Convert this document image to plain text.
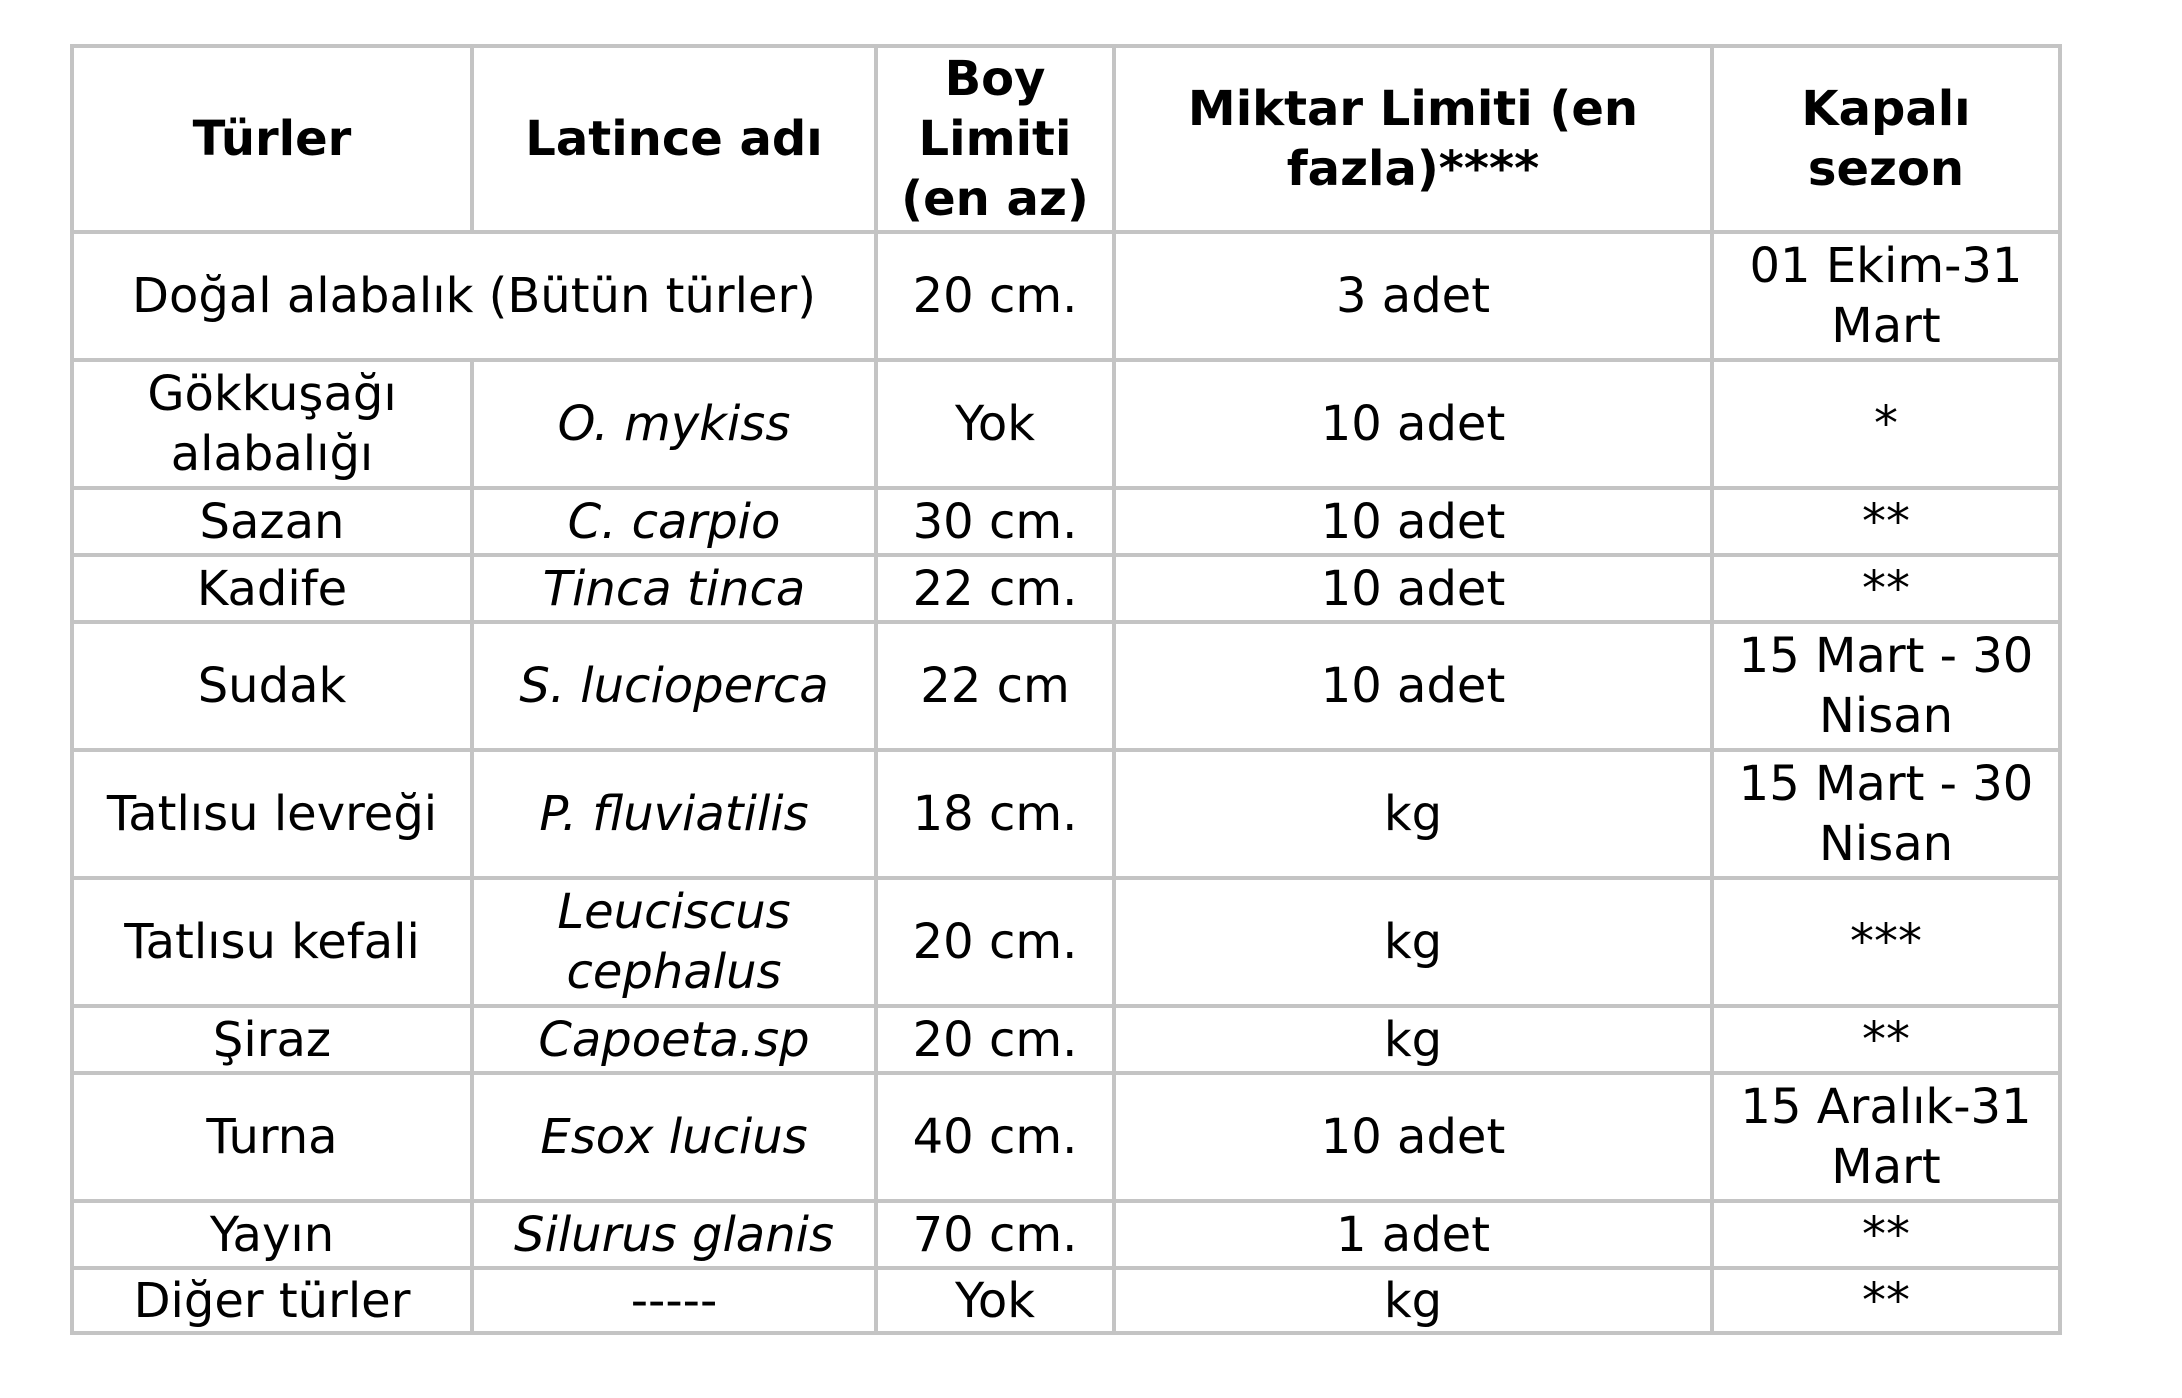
Türler	Latince adı	Boy Limiti (en az)	Miktar Limiti (en fazla)****	Kapalı sezon
Doğal alabalık (Bütün türler)		20 cm.	3 adet	01 Ekim-31 Mart
Gökkuşağı alabalığı	O. mykiss	Yok	10 adet	*
Sazan	C. carpio	30 cm.	10 adet	**
Kadife	Tinca tinca	22 cm.	10 adet	**
Sudak	S. lucioperca	22 cm	10 adet	15 Mart - 30 Nisan
Tatlısu levreği	P. fluviatilis	18 cm.	kg	15 Mart - 30 Nisan
Tatlısu kefali	Leuciscus cephalus	20 cm.	kg	***
Şiraz	Capoeta.sp	20 cm.	kg	**
Turna	Esox lucius	40 cm.	10 adet	15 Aralık-31 Mart
Yayın	Silurus glanis	70 cm.	1 adet	**
Diğer türler	-----	Yok	kg	**
